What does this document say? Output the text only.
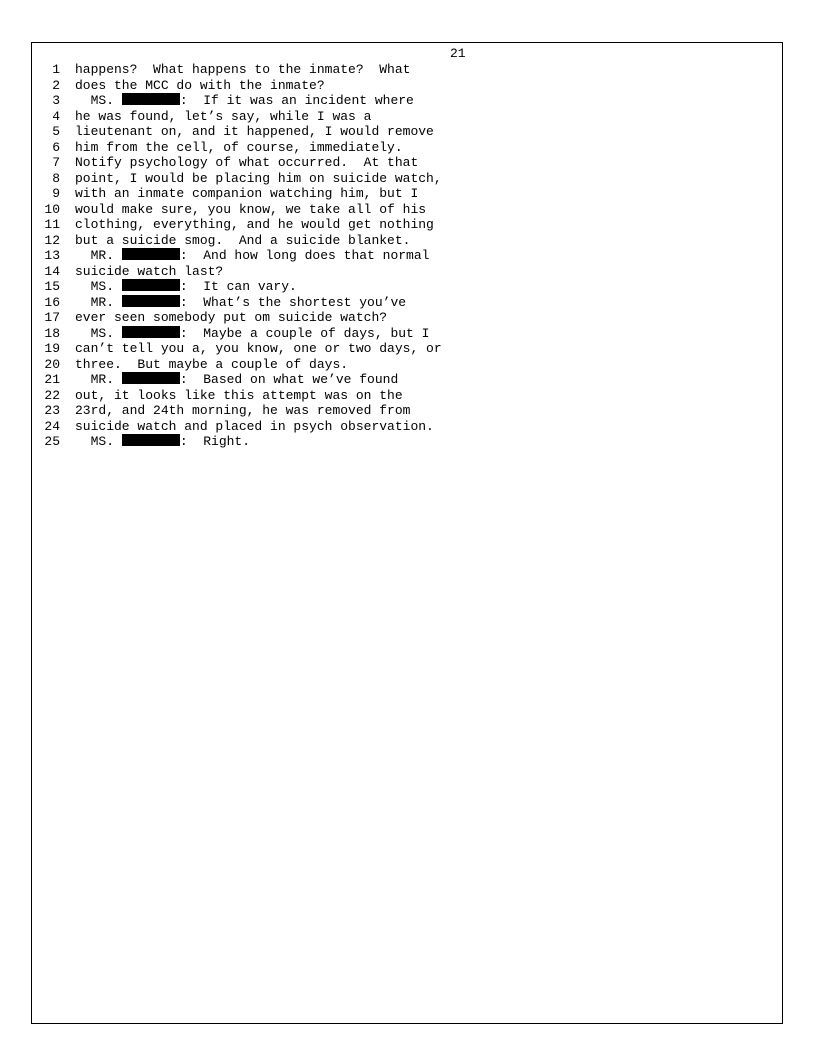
21
1 happens?  What happens to the inmate?  What
2 does the MCC do with the inmate?
3 MS.	:  If it was an incident where
4 he was found, let’s say, while I was a
5 lieutenant on, and it happened, I would remove
6 him from the cell, of course, immediately.
7 Notify psychology of what occurred.  At that
8 point, I would be placing him on suicide watch,
9 with an inmate companion watching him, but I
10 would make sure, you know, we take all of his
11 clothing, everything, and he would get nothing
12 but a suicide smog.  And a suicide blanket.
13 MR.	:  And how long does that normal
14 suicide watch last?
15 MS.	:  It can vary.
16 MR.	:  What’s the shortest you’ve
17 ever seen somebody put om suicide watch?
18 MS.	:  Maybe a couple of days, but I
19 can’t tell you a, you know, one or two days, or
20 three.  But maybe a couple of days.
21 MR.	:  Based on what we’ve found
22 out, it looks like this attempt was on the
23 23rd, and 24th morning, he was removed from
24 suicide watch and placed in psych observation.
25 MS.	:  Right.
